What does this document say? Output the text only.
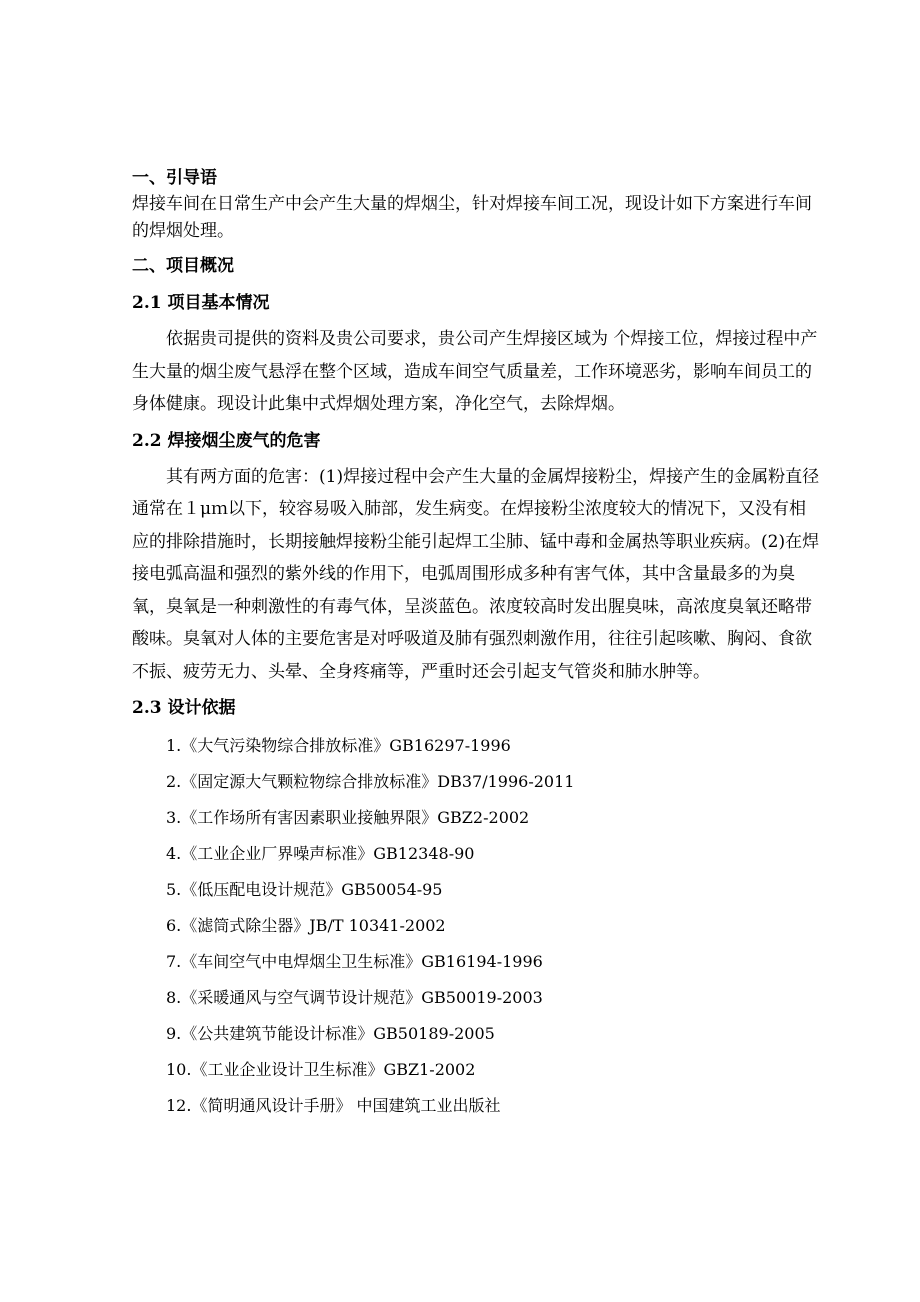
一、引导语

焊接车间在日常生产中会产生大量的焊烟尘，针对焊接车间工况，现设计如下方案进行车间的焊烟处理。

二、项目概况
2.1 项目基本情况

依据贵司提供的资料及贵公司要求，贵公司产生焊接区域为 个焊接工位，焊接过程中产生大量的烟尘废气悬浮在整个区域，造成车间空气质量差，工作环境恶劣，影响车间员工的身体健康。现设计此集中式焊烟处理方案，净化空气，去除焊烟。

2.2 焊接烟尘废气的危害

其有两方面的危害：(1)焊接过程中会产生大量的金属焊接粉尘，焊接产生的金属粉直径通常在１μｍ以下，较容易吸入肺部，发生病变。在焊接粉尘浓度较大的情况下，又没有相应的排除措施时，长期接触焊接粉尘能引起焊工尘肺、锰中毒和金属热等职业疾病。(2)在焊接电弧高温和强烈的紫外线的作用下，电弧周围形成多种有害气体，其中含量最多的为臭氧，臭氧是一种刺激性的有毒气体，呈淡蓝色。浓度较高时发出腥臭味，高浓度臭氧还略带酸味。臭氧对人体的主要危害是对呼吸道及肺有强烈刺激作用，往往引起咳嗽、胸闷、食欲不振、疲劳无力、头晕、全身疼痛等，严重时还会引起支气管炎和肺水肿等。

2.3 设计依据
1.《大气污染物综合排放标准》GB16297-1996
2.《固定源大气颗粒物综合排放标准》DB37/1996-2011
3.《工作场所有害因素职业接触界限》GBZ2-2002
4.《工业企业厂界噪声标准》GB12348-90
5.《低压配电设计规范》GB50054-95
6.《滤筒式除尘器》JB/T 10341-2002
7.《车间空气中电焊烟尘卫生标准》GB16194-1996
8.《采暖通风与空气调节设计规范》GB50019-2003
9.《公共建筑节能设计标准》GB50189-2005
10.《工业企业设计卫生标准》GBZ1-2002
12.《简明通风设计手册》 中国建筑工业出版社
